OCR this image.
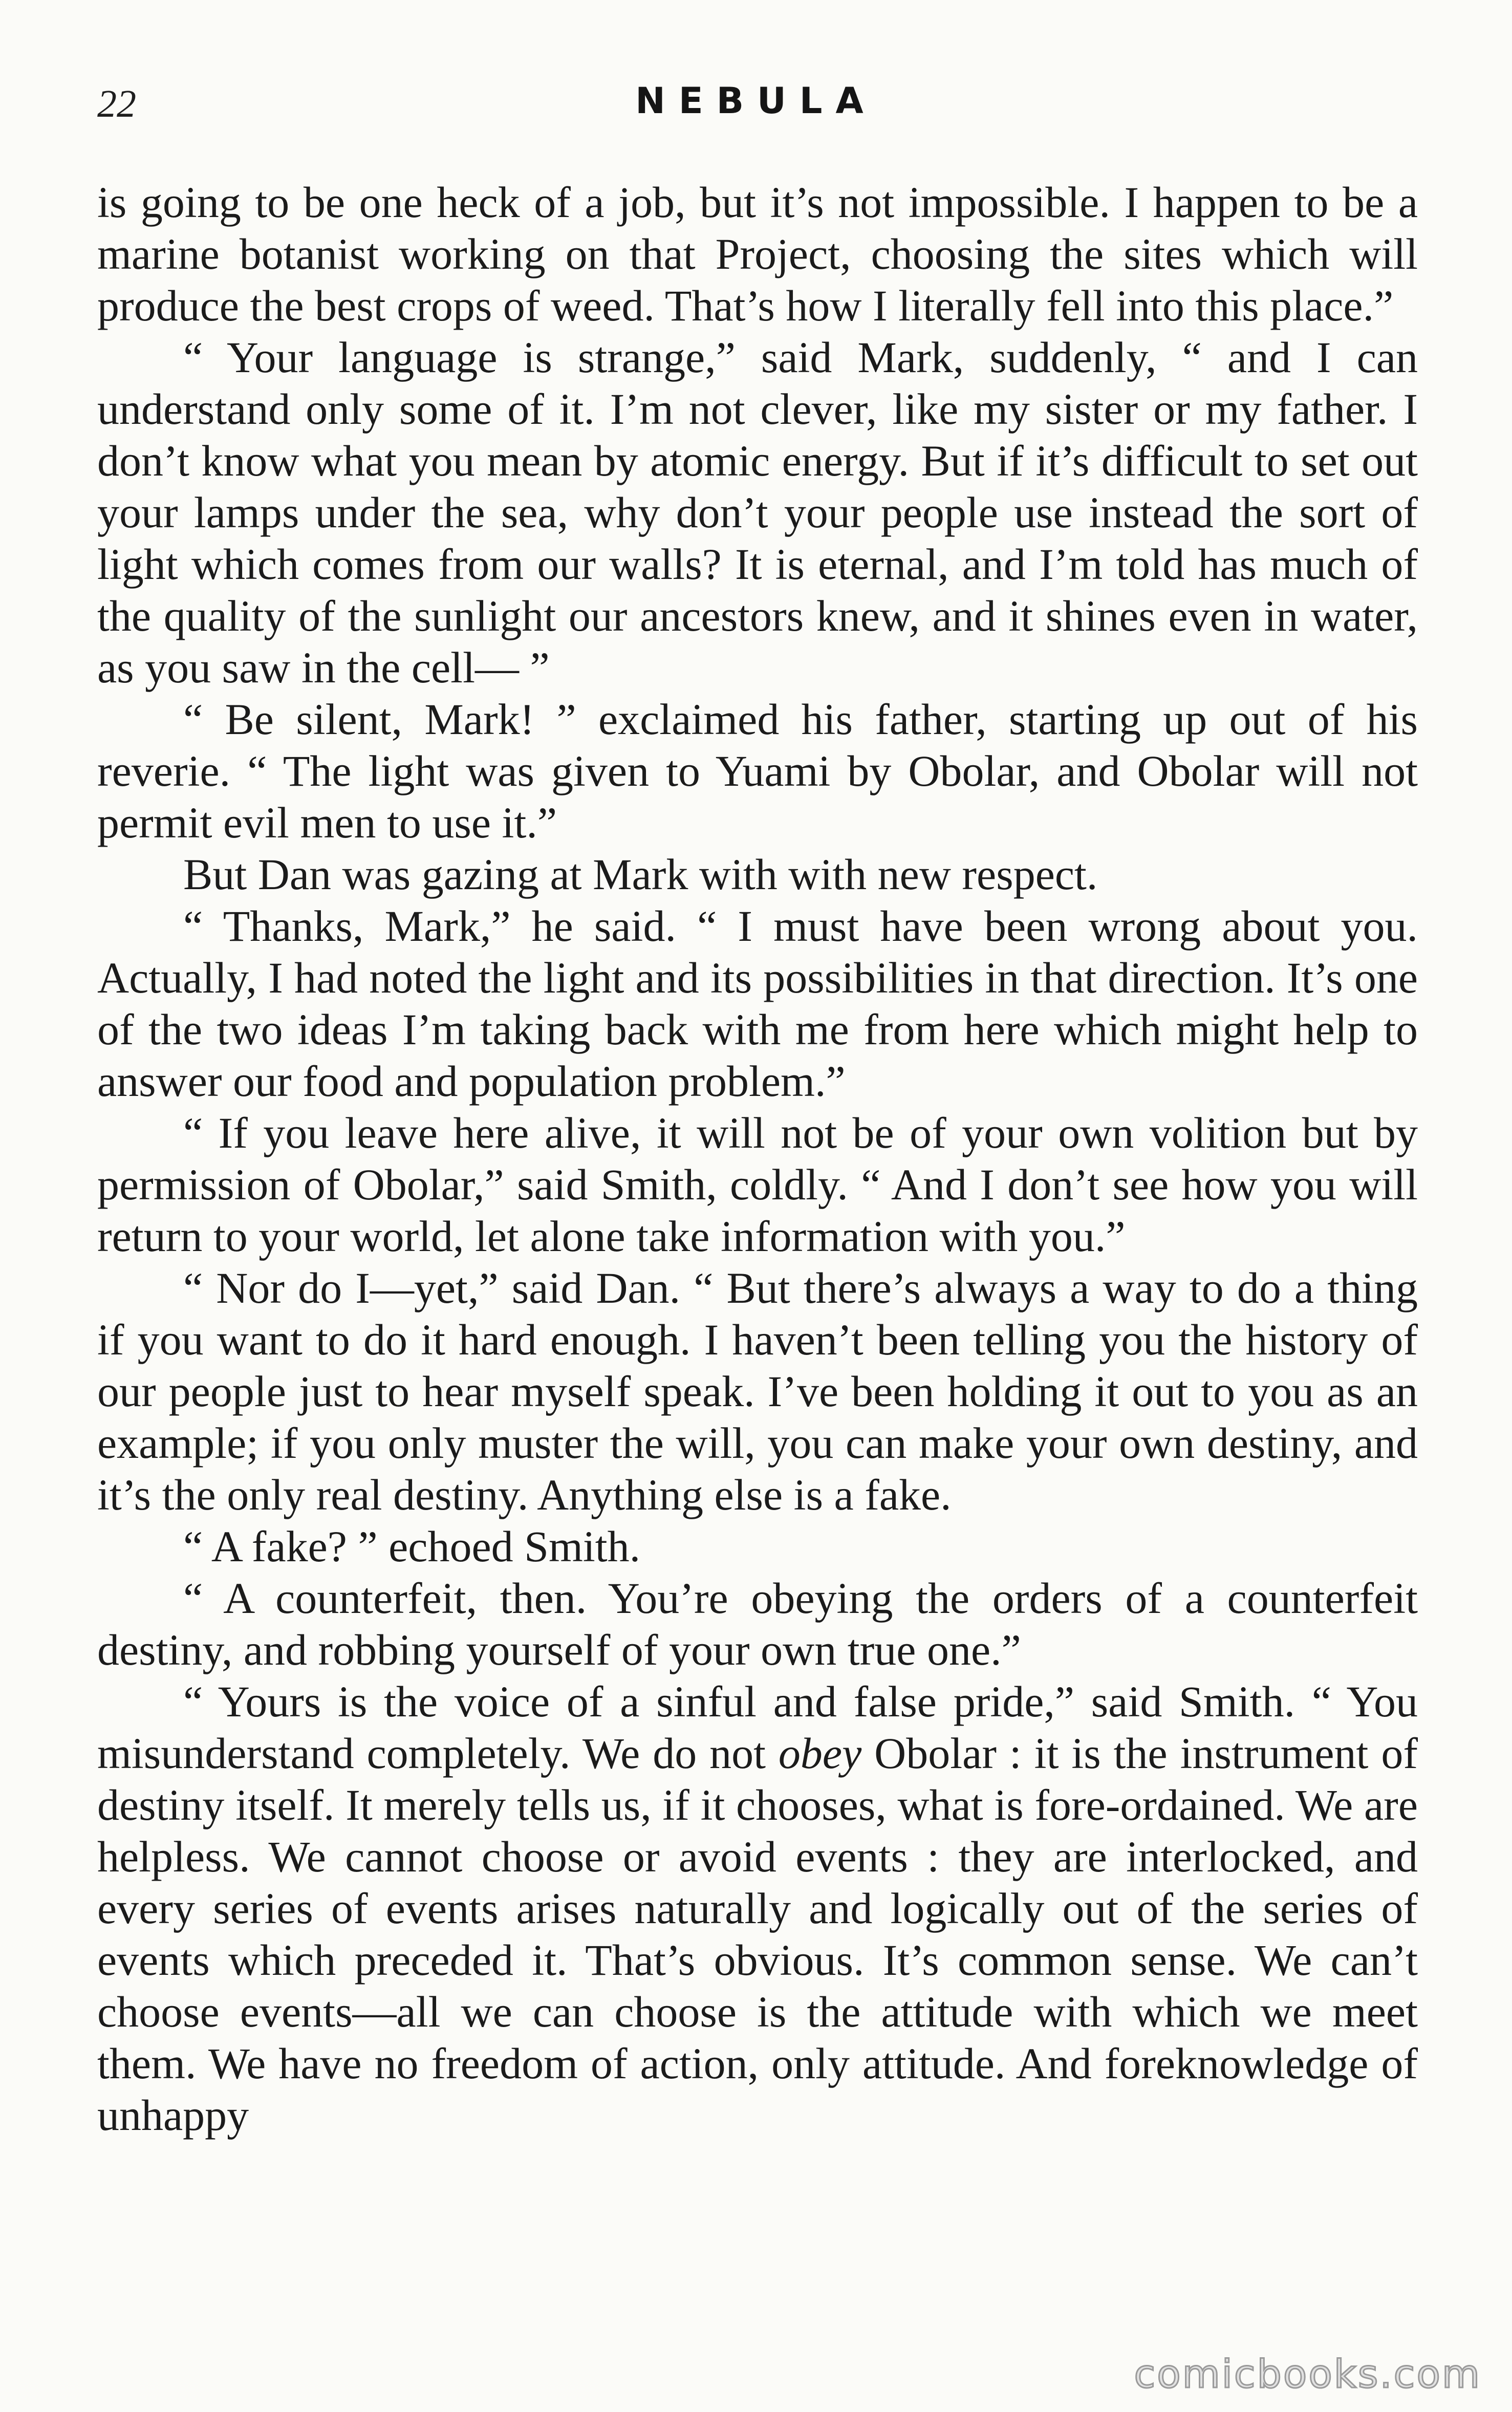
22	NEBULA

is going to be one heck of a job, but it’s not impossible. I happen to be a marine botanist working on that Project, choosing the sites which will produce the best crops of weed. That’s how I literally fell into this place.”

“ Your language is strange,” said Mark, suddenly, “ and I can understand only some of it. I’m not clever, like my sister or my father. I don’t know what you mean by atomic energy. But if it’s difficult to set out your lamps under the sea, why don’t your people use instead the sort of light which comes from our walls? It is eternal, and I’m told has much of the quality of the sunlight our ancestors knew, and it shines even in water, as you saw in the cell— ”

“ Be silent, Mark! ” exclaimed his father, starting up out of his reverie. “ The light was given to Yuami by Obolar, and Obolar will not permit evil men to use it.”

But Dan was gazing at Mark with with new respect.

“ Thanks, Mark,” he said. “ I must have been wrong about you. Actually, I had noted the light and its possibilities in that direction. It’s one of the two ideas I’m taking back with me from here which might help to answer our food and population problem.”

“ If you leave here alive, it will not be of your own volition but by permission of Obolar,” said Smith, coldly. “ And I don’t see how you will return to your world, let alone take information with you.”

“ Nor do I—yet,” said Dan. “ But there’s always a way to do a thing if you want to do it hard enough. I haven’t been telling you the history of our people just to hear myself speak. I’ve been holding it out to you as an example; if you only muster the will, you can make your own destiny, and it’s the only real destiny. Anything else is a fake.

“ A fake? ” echoed Smith.

“ A counterfeit, then. You’re obeying the orders of a counterfeit destiny, and robbing yourself of your own true one.”

“ Yours is the voice of a sinful and false pride,” said Smith. “ You misunderstand completely. We do not obey Obolar : it is the instrument of destiny itself. It merely tells us, if it chooses, what is fore-ordained. We are helpless. We cannot choose or avoid events : they are interlocked, and every series of events arises naturally and logically out of the series of events which preceded it. That’s obvious. It’s common sense. We can’t choose events—all we can choose is the attitude with which we meet them. We have no freedom of action, only attitude. And foreknowledge of unhappy

comicbooks.com
